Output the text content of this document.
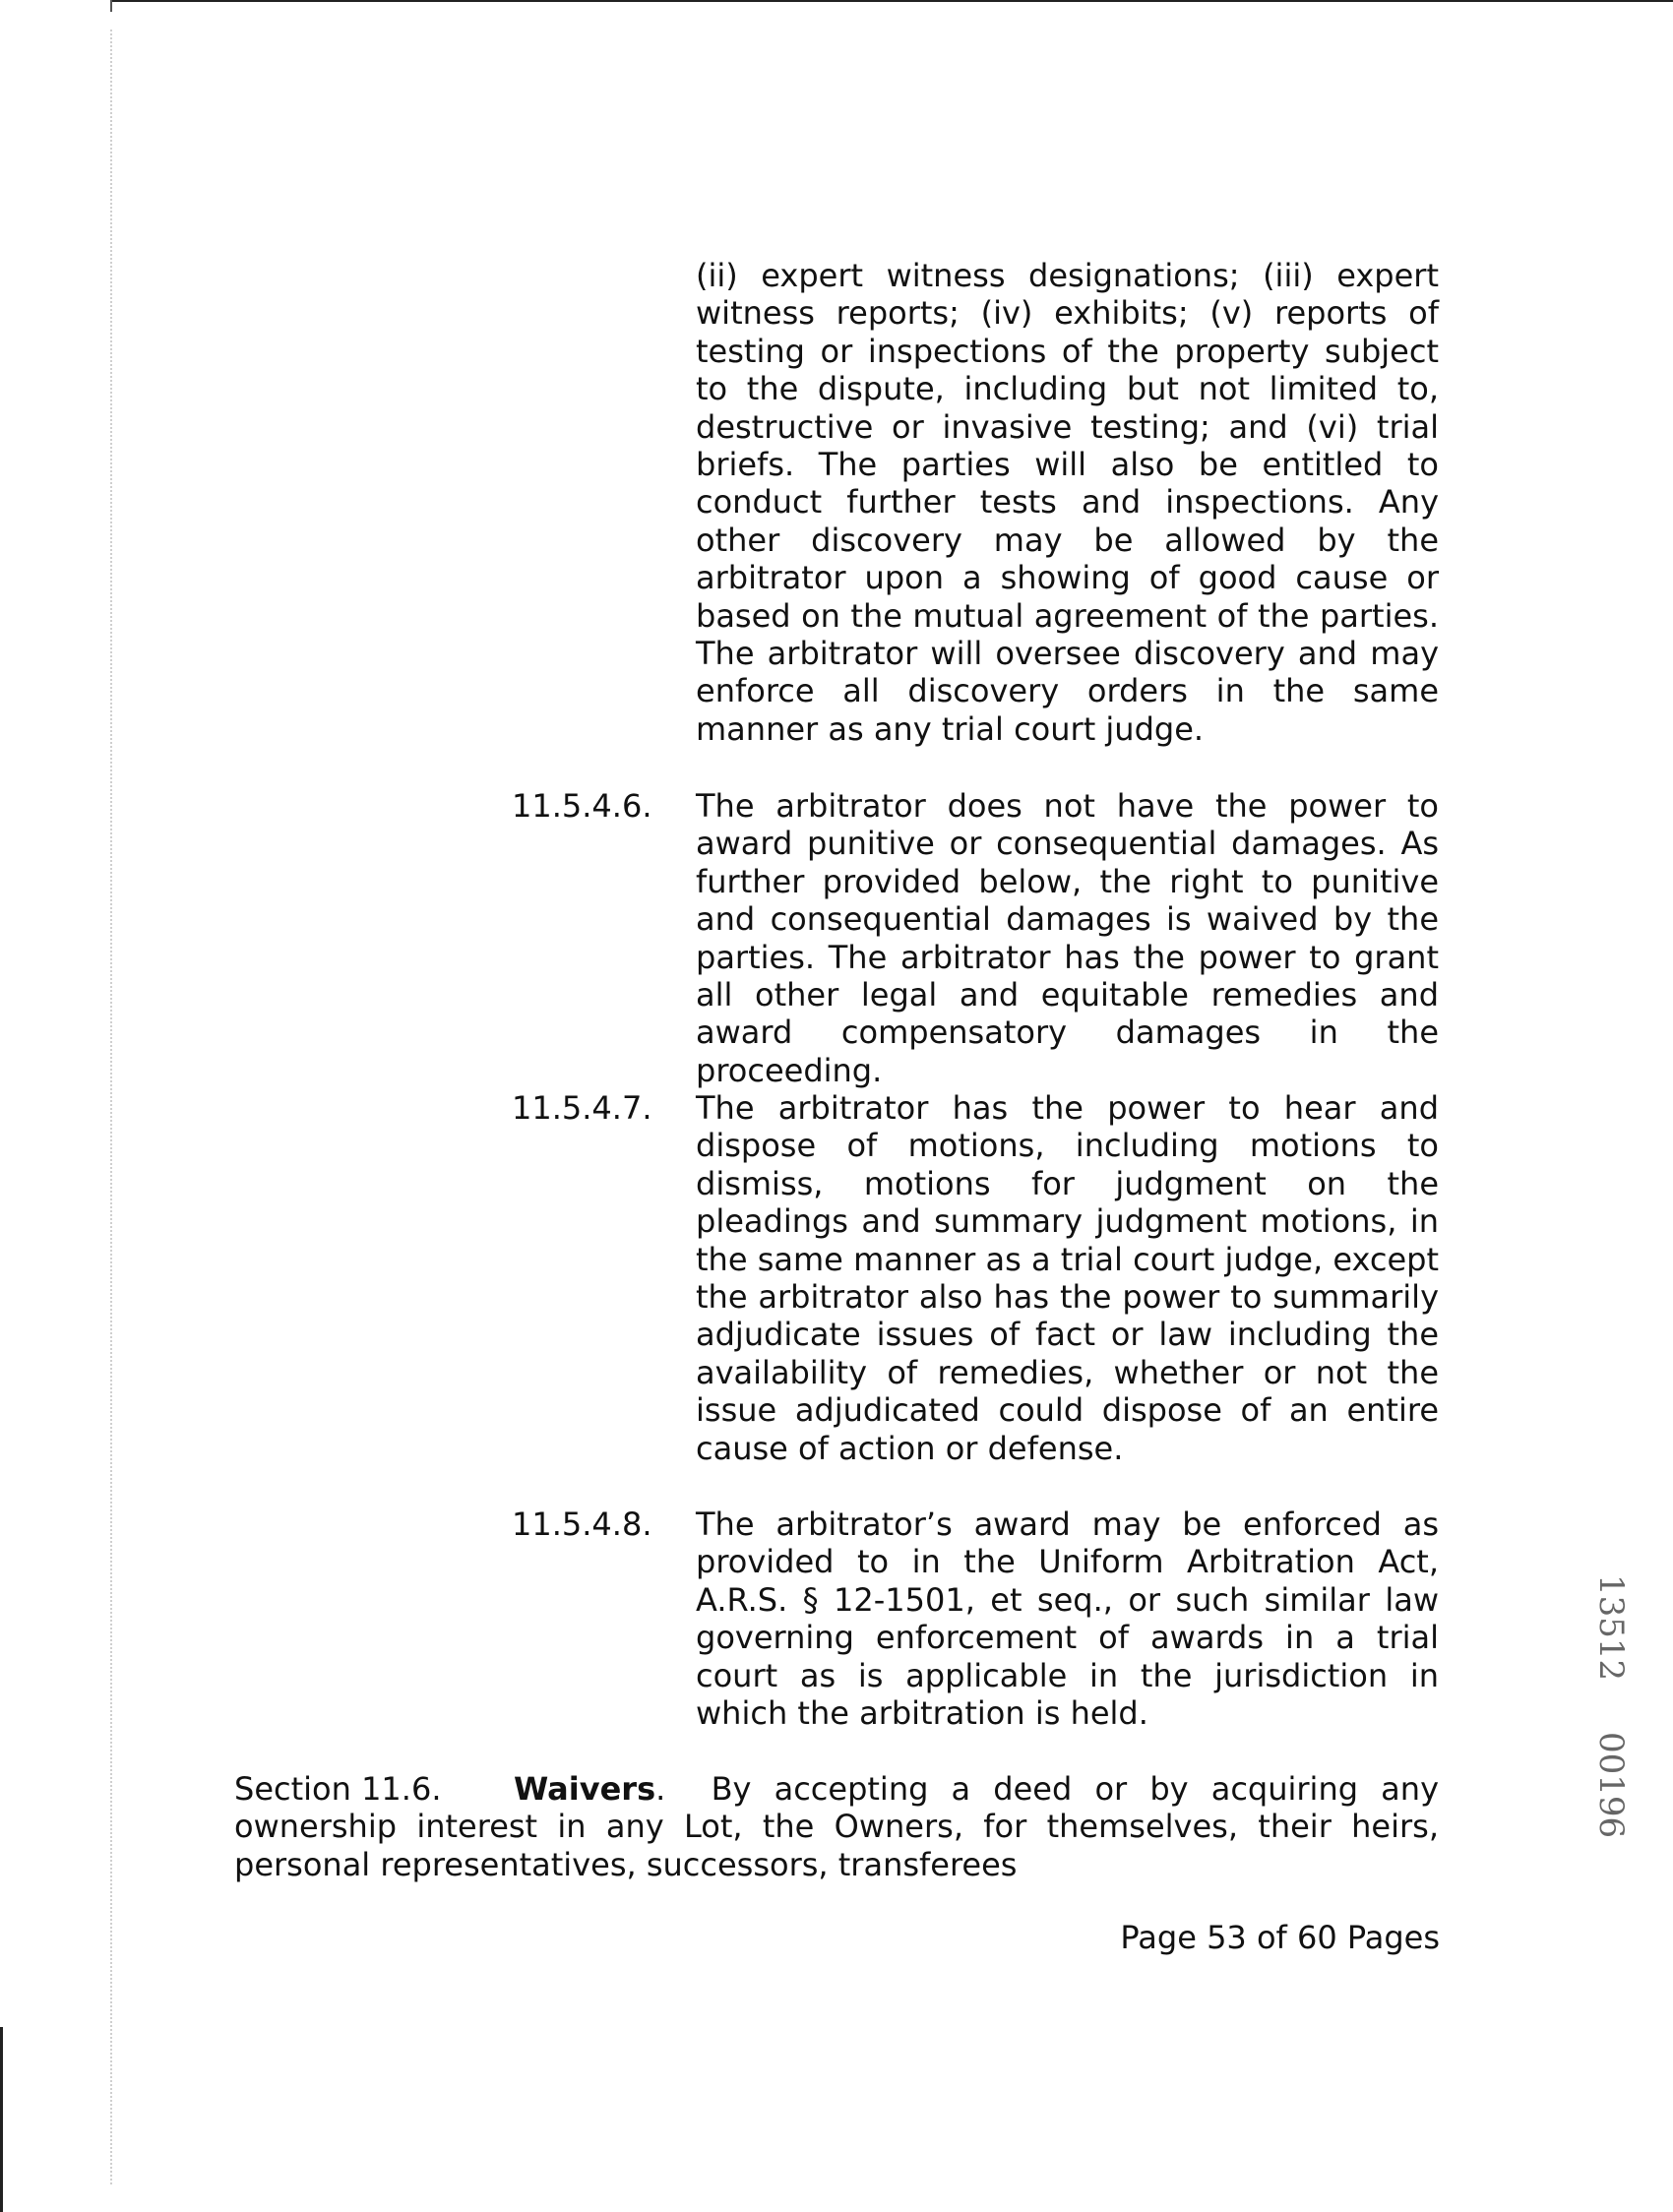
(ii) expert witness designations; (iii) expert witness reports; (iv) exhibits; (v) reports of testing or inspections of the property subject to the dispute, including but not limited to, destructive or invasive testing; and (vi) trial briefs. The parties will also be entitled to conduct further tests and inspections. Any other discovery may be allowed by the arbitrator upon a showing of good cause or based on the mutual agreement of the parties. The arbitrator will oversee discovery and may enforce all discovery orders in the same manner as any trial court judge.

11.5.4.6.	The arbitrator does not have the power to award punitive or consequential damages. As further provided below, the right to punitive and consequential damages is waived by the parties. The arbitrator has the power to grant all other legal and equitable remedies and award compensatory damages in the proceeding.

11.5.4.7.	The arbitrator has the power to hear and dispose of motions, including motions to dismiss, motions for judgment on the pleadings and summary judgment motions, in the same manner as a trial court judge, except the arbitrator also has the power to summarily adjudicate issues of fact or law including the availability of remedies, whether or not the issue adjudicated could dispose of an entire cause of action or defense.

11.5.4.8.	The arbitrator’s award may be enforced as provided to in the Uniform Arbitration Act, A.R.S. § 12-1501, et seq., or such similar law governing enforcement of awards in a trial court as is applicable in the jurisdiction in which the arbitration is held.

Section 11.6.	Waivers. By accepting a deed or by acquiring any ownership interest in any Lot, the Owners, for themselves, their heirs, personal representatives, successors, transferees

Page 53 of 60 Pages
13512
00196
